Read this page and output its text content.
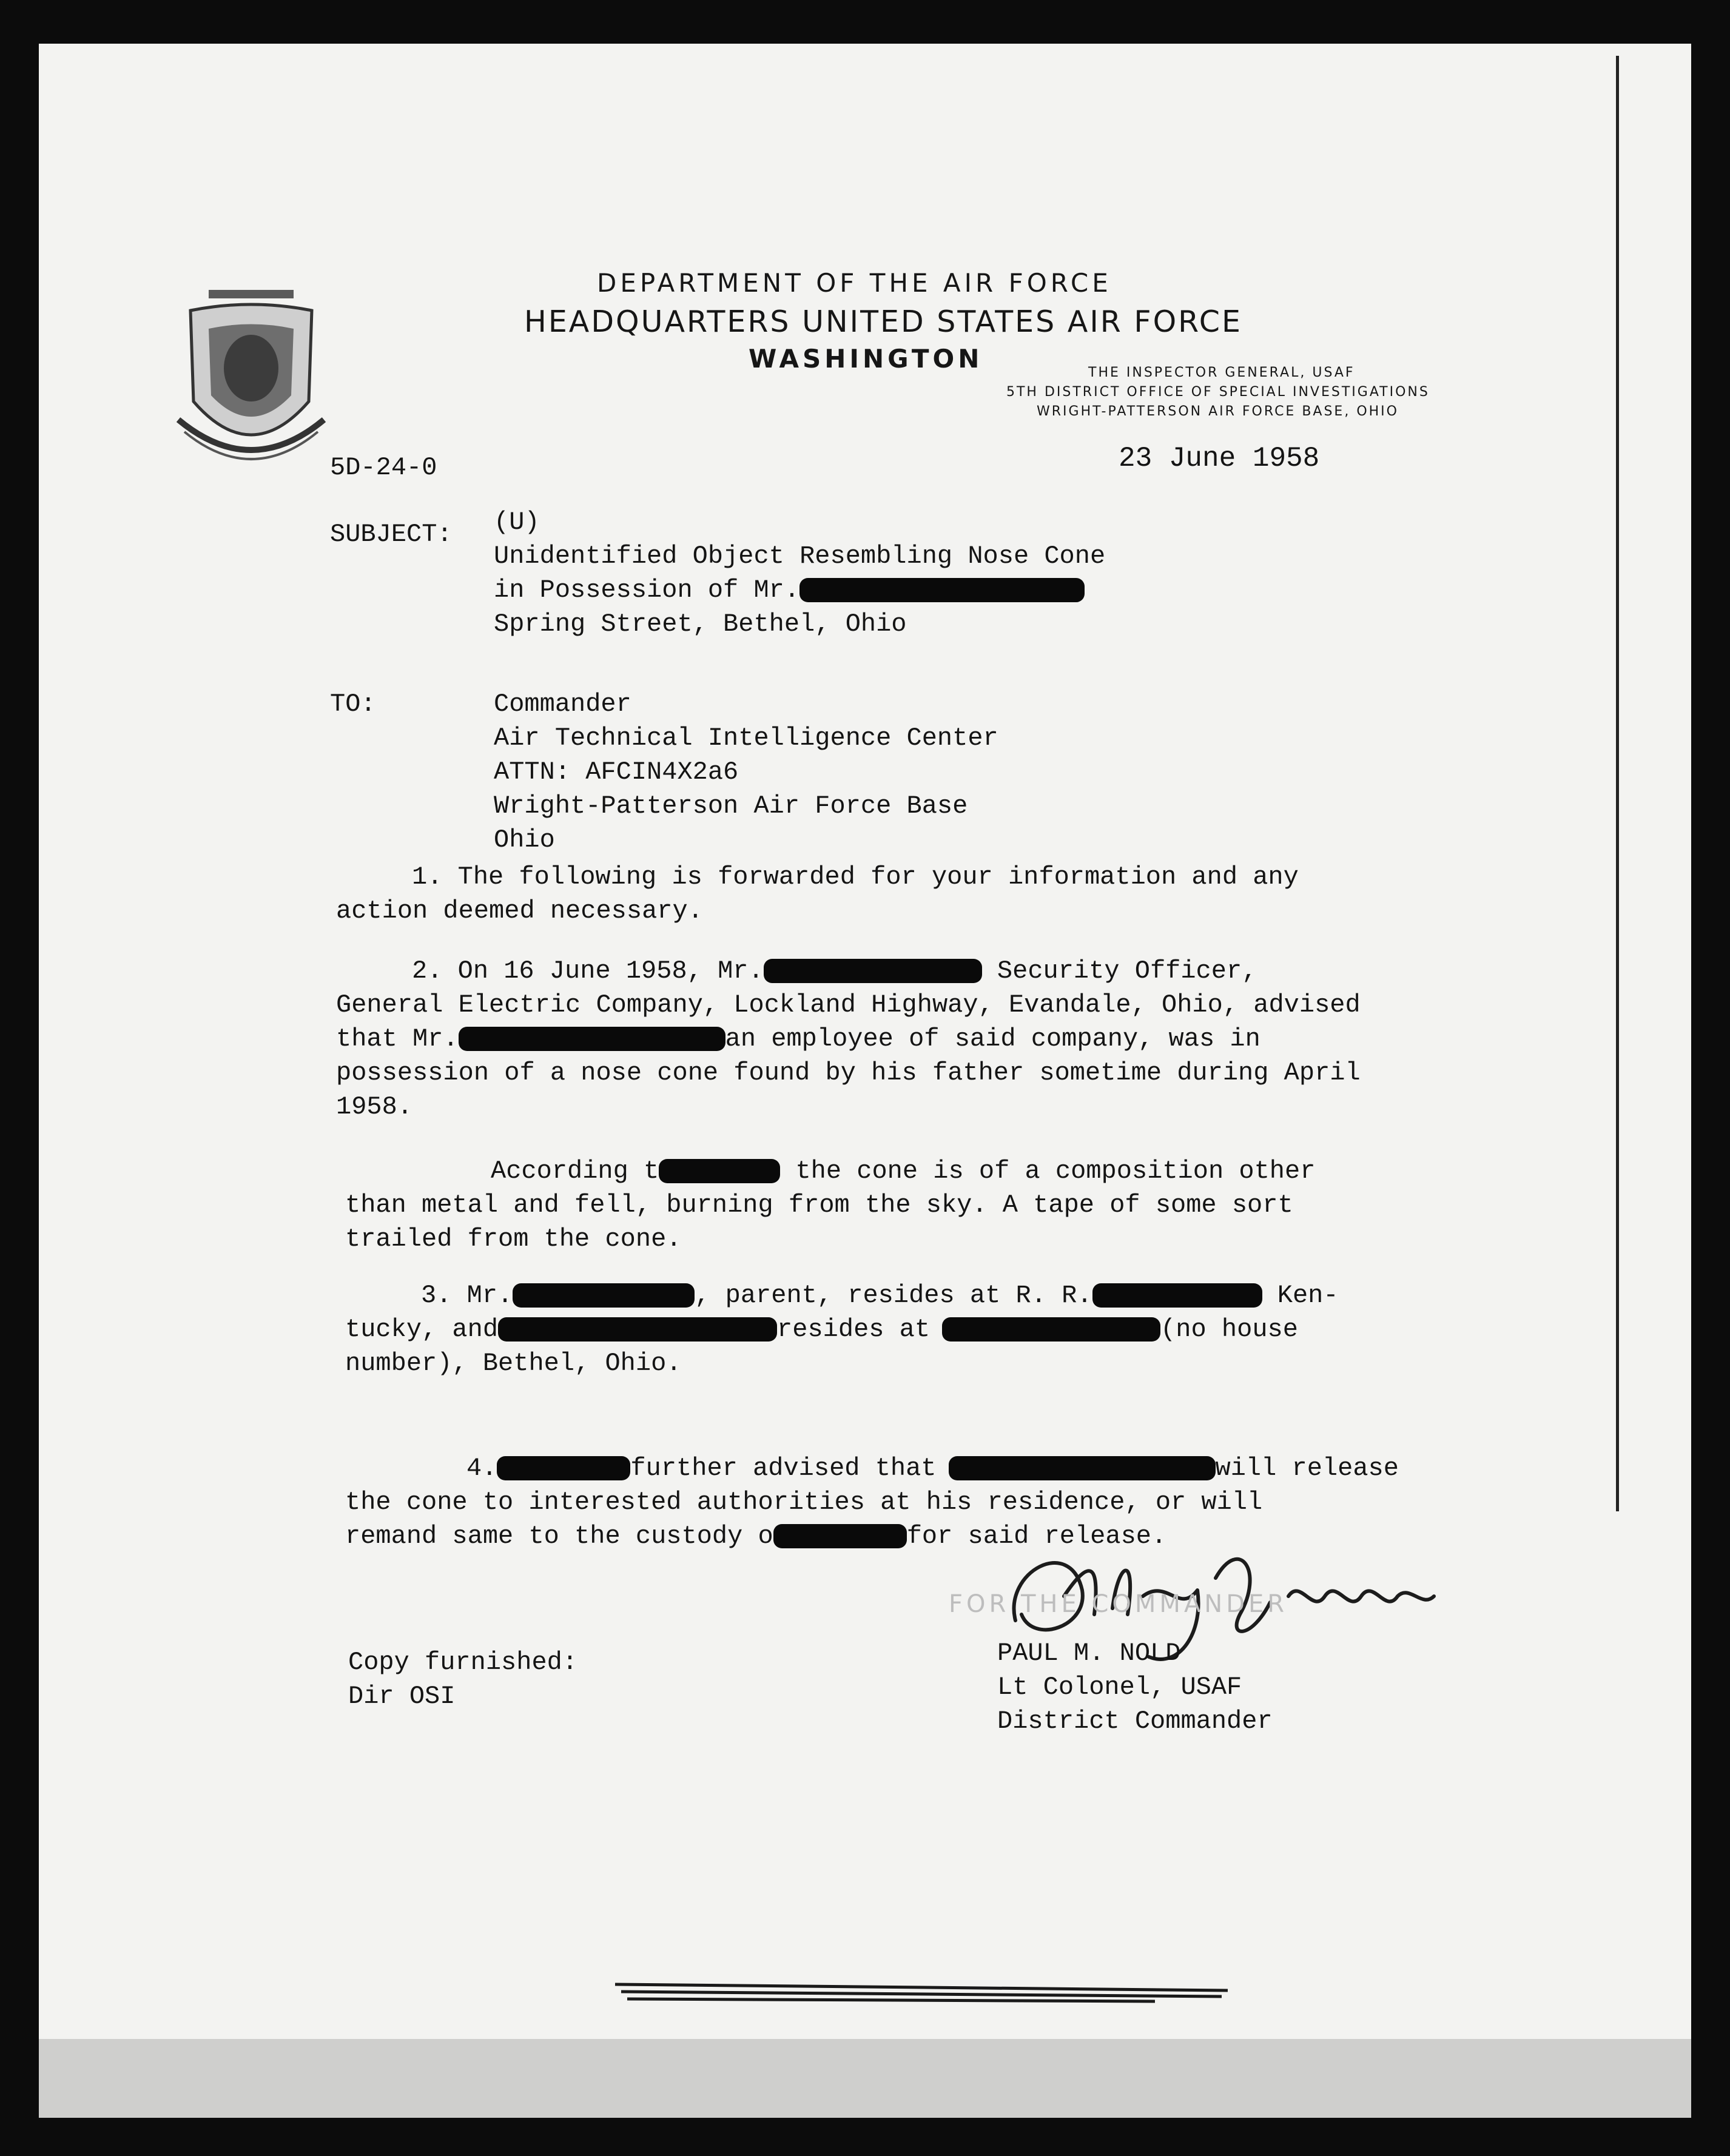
DEPARTMENT OF THE AIR FORCE
HEADQUARTERS UNITED STATES AIR FORCE
WASHINGTON	THE INSPECTOR GENERAL, USAF
5TH DISTRICT OFFICE OF SPECIAL INVESTIGATIONS
WRIGHT-PATTERSON AIR FORCE BASE, OHIO
5D-24-0	23 June 1958
SUBJECT: (U)
Unidentified Object Resembling Nose Cone
in Possession of Mr.
Spring Street, Bethel, Ohio
TO:	Commander
Air Technical Intelligence Center
ATTN: AFCIN4X2a6
Wright-Patterson Air Force Base
Ohio
1. The following is forwarded for your information and any
action deemed necessary.
2. On 16 June 1958, Mr.	Security Officer,
General Electric Company, Lockland Highway, Evandale, Ohio, advised
that Mr.	an employee of said company, was in
possession of a nose cone found by his father sometime during April
1958.
According t	the cone is of a composition other
than metal and fell, burning from the sky. A tape of some sort
trailed from the cone.
3. Mr.	, parent, resides at R. R.	Ken-
tucky, and	resides at	(no house
number), Bethel, Ohio.
4.	further advised that	will release
the cone to interested authorities at his residence, or will
remand same to the custody o	for said release.
FOR THE COMMANDER
Copy furnished:
Dir OSI
PAUL M. NOLD
Lt Colonel, USAF
District Commander
